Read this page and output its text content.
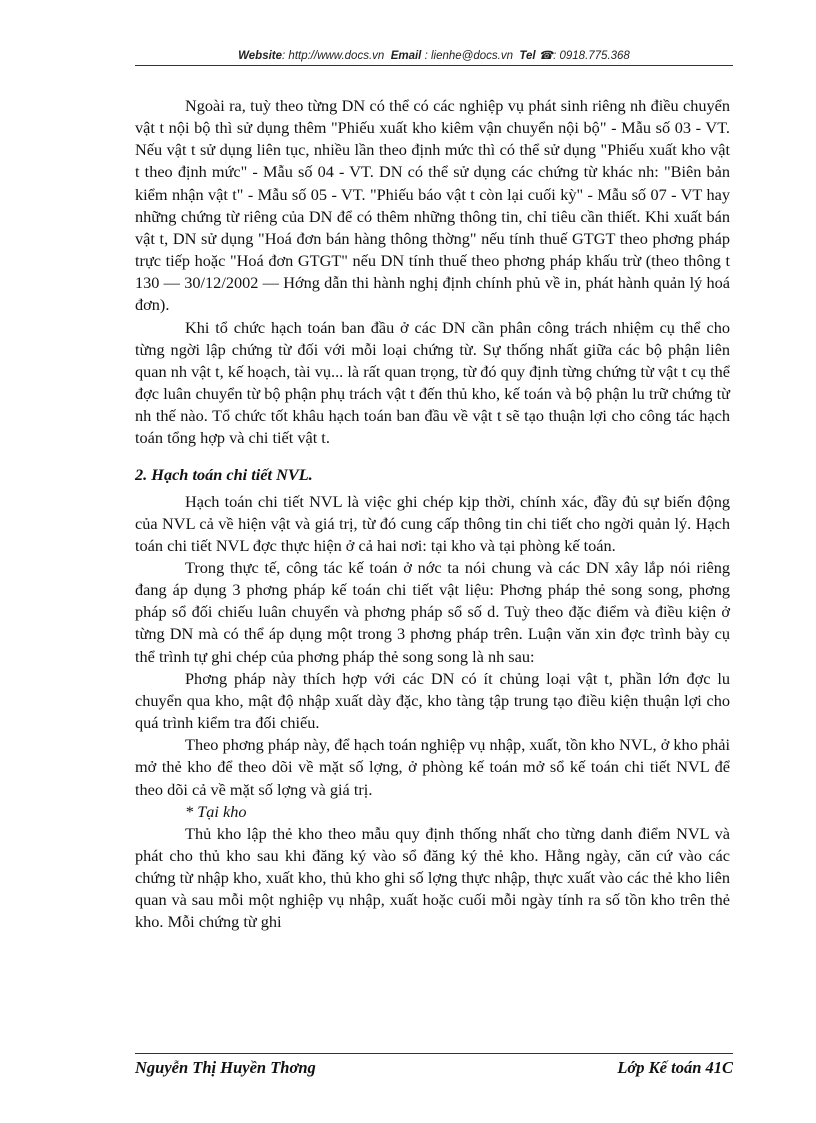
Website: http://www.docs.vn Email : lienhe@docs.vn Tel ☎: 0918.775.368

Ngoài ra, tuỳ theo từng DN có thể có các nghiệp vụ phát sinh riêng nh điều chuyển vật t nội bộ thì sử dụng thêm "Phiếu xuất kho kiêm vận chuyển nội bộ" - Mẫu số 03 - VT. Nếu vật t sử dụng liên tục, nhiều lần theo định mức thì có thể sử dụng "Phiếu xuất kho vật t theo định mức" - Mẫu số 04 - VT. DN có thể sử dụng các chứng từ khác nh: "Biên bản kiểm nhận vật t" - Mẫu số 05 - VT. "Phiếu báo vật t còn lại cuối kỳ" - Mẫu số 07 - VT hay những chứng từ riêng của DN để có thêm những thông tin, chỉ tiêu cần thiết. Khi xuất bán vật t, DN sử dụng "Hoá đơn bán hàng thông thờng" nếu tính thuế GTGT theo phơng pháp trực tiếp hoặc "Hoá đơn GTGT" nếu DN tính thuế theo phơng pháp khấu trừ (theo thông t 130 — 30/12/2002 — Hớng dẫn thi hành nghị định chính phủ về in, phát hành quản lý hoá đơn).

Khi tổ chức hạch toán ban đầu ở các DN cần phân công trách nhiệm cụ thể cho từng ngời lập chứng từ đối với mỗi loại chứng từ. Sự thống nhất giữa các bộ phận liên quan nh vật t, kế hoạch, tài vụ... là rất quan trọng, từ đó quy định từng chứng từ vật t cụ thể đợc luân chuyển từ bộ phận phụ trách vật t đến thủ kho, kế toán và bộ phận lu trữ chứng từ nh thế nào. Tổ chức tốt khâu hạch toán ban đầu về vật t sẽ tạo thuận lợi cho công tác hạch toán tổng hợp và chi tiết vật t.

2. Hạch toán chi tiết NVL.

Hạch toán chi tiết NVL là việc ghi chép kịp thời, chính xác, đầy đủ sự biến động của NVL cả về hiện vật và giá trị, từ đó cung cấp thông tin chi tiết cho ngời quản lý. Hạch toán chi tiết NVL đợc thực hiện ở cả hai nơi: tại kho và tại phòng kế toán.

Trong thực tế, công tác kế toán ở nớc ta nói chung và các DN xây lắp nói riêng đang áp dụng 3 phơng pháp kế toán chi tiết vật liệu: Phơng pháp thẻ song song, phơng pháp sổ đối chiếu luân chuyển và phơng pháp sổ số d. Tuỳ theo đặc điểm và điều kiện ở từng DN mà có thể áp dụng một trong 3 phơng pháp trên. Luận văn xin đợc trình bày cụ thể trình tự ghi chép của phơng pháp thẻ song song là nh sau:

Phơng pháp này thích hợp với các DN có ít chủng loại vật t, phần lớn đợc lu chuyển qua kho, mật độ nhập xuất dày đặc, kho tàng tập trung tạo điều kiện thuận lợi cho quá trình kiểm tra đối chiếu.

Theo phơng pháp này, để hạch toán nghiệp vụ nhập, xuất, tồn kho NVL, ở kho phải mở thẻ kho để theo dõi về mặt số lợng, ở phòng kế toán mở sổ kế toán chi tiết NVL để theo dõi cả về mặt số lợng và giá trị.

* Tại kho

Thủ kho lập thẻ kho theo mẫu quy định thống nhất cho từng danh điểm NVL và phát cho thủ kho sau khi đăng ký vào sổ đăng ký thẻ kho. Hằng ngày, căn cứ vào các chứng từ nhập kho, xuất kho, thủ kho ghi số lợng thực nhập, thực xuất vào các thẻ kho liên quan và sau mỗi một nghiệp vụ nhập, xuất hoặc cuối mỗi ngày tính ra số tồn kho trên thẻ kho. Mỗi chứng từ ghi

Nguyễn Thị Huyền Thơng	Lớp Kế toán 41C
